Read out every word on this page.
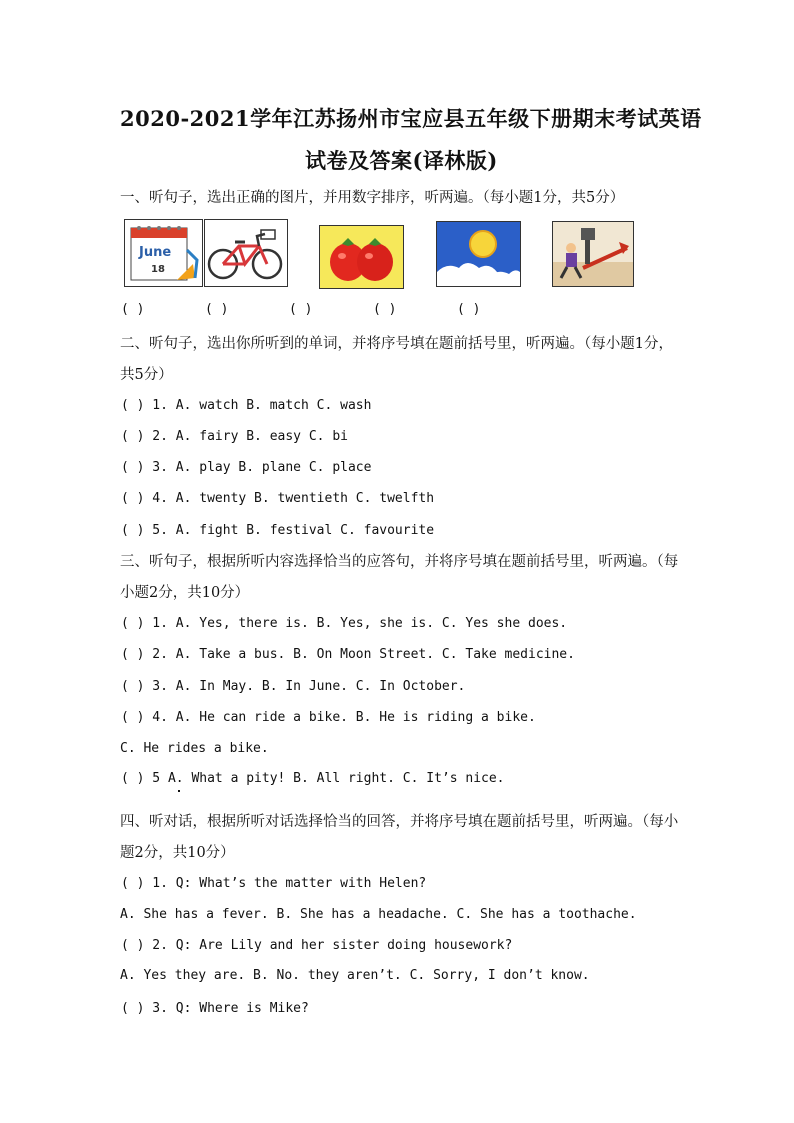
2020-2021学年江苏扬州市宝应县五年级下册期末考试英语
试卷及答案(译林版)
一、听句子，选出正确的图片，并用数字排序，听两遍。（每小题1分，共5分）
June
18
( )	( )	( )	( )	( )
二、听句子，选出你所听到的单词，并将序号填在题前括号里，听两遍。（每小题1分，
共5分）
( ) 1. A. watch B. match C. wash
( ) 2. A. fairy B. easy C. bi
( ) 3. A. play B. plane C. place
( ) 4. A. twenty B. twentieth C. twelfth
( ) 5. A. fight B. festival C. favourite
三、听句子，根据所听内容选择恰当的应答句，并将序号填在题前括号里，听两遍。（每
小题2分，共10分）
( ) 1. A. Yes, there is. B. Yes, she is. C. Yes she does.
( ) 2. A. Take a bus. B. On Moon Street. C. Take medicine.
( ) 3. A. In May. B. In June. C. In October.
( ) 4. A. He can ride a bike. B. He is riding a bike.
C. He rides a bike.
( ) 5 A. What a pity! B. All right. C. It’s nice.
四、听对话，根据所听对话选择恰当的回答，并将序号填在题前括号里，听两遍。（每小
题2分，共10分）
( ) 1. Q: What’s the matter with Helen?
A. She has a fever. B. She has a headache. C. She has a toothache.
( ) 2. Q: Are Lily and her sister doing housework?
A. Yes they are. B. No. they aren’t. C. Sorry, I don’t know.
( ) 3. Q: Where is Mike?
